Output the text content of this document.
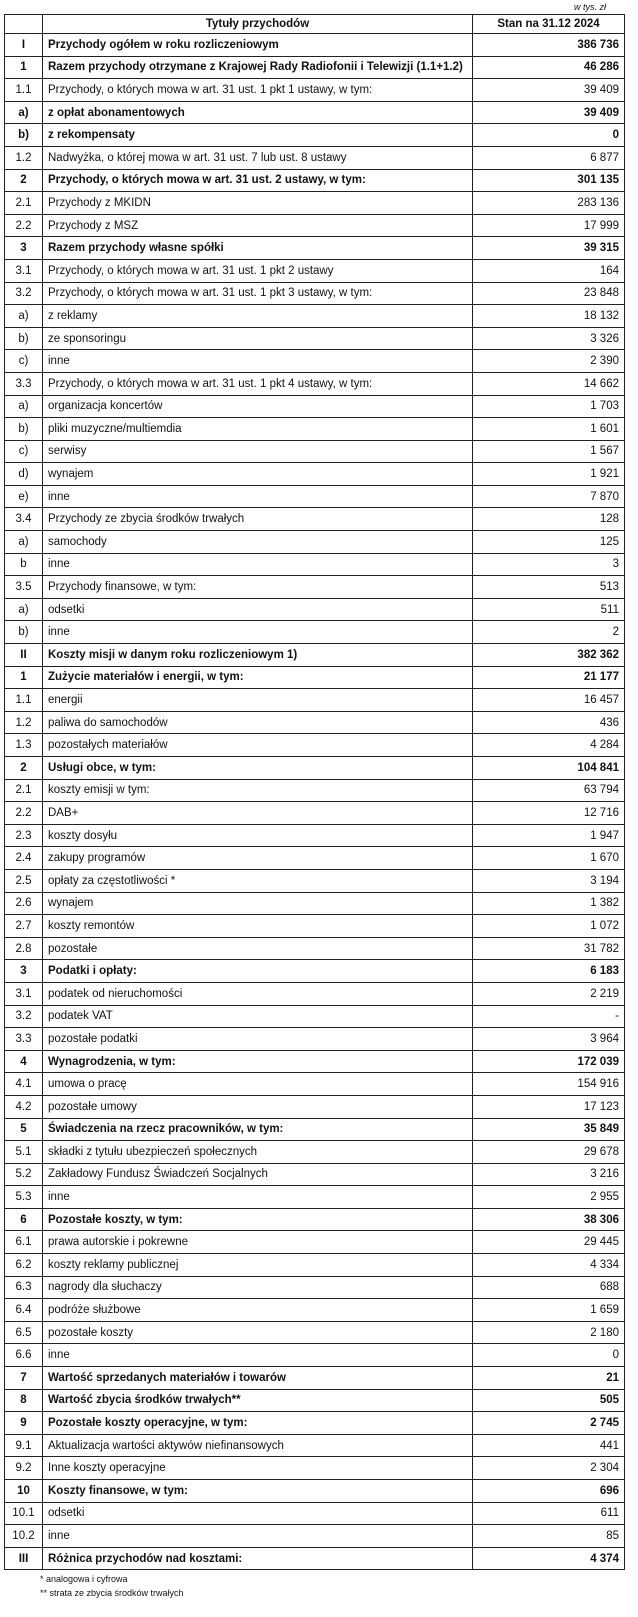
w tys. zł
	Tytuły przychodów	Stan na 31.12 2024
I	Przychody ogółem w roku rozliczeniowym	386 736
1	Razem przychody otrzymane z Krajowej Rady Radiofonii i Telewizji (1.1+1.2)	46 286
1.1	Przychody, o których mowa w art. 31 ust. 1 pkt 1 ustawy, w tym:	39 409
a)	z opłat abonamentowych	39 409
b)	z rekompensaty	0
1.2	Nadwyżka, o której mowa w art. 31 ust. 7 lub ust. 8 ustawy	6 877
2	Przychody, o których mowa w art. 31 ust. 2 ustawy, w tym:	301 135
2.1	Przychody z MKIDN	283 136
2.2	Przychody z MSZ	17 999
3	Razem przychody własne spółki	39 315
3.1	Przychody, o których mowa w art. 31 ust. 1 pkt 2 ustawy	164
3.2	Przychody, o których mowa w art. 31 ust. 1 pkt 3 ustawy, w tym:	23 848
a)	z reklamy	18 132
b)	ze sponsoringu	3 326
c)	inne	2 390
3.3	Przychody, o których mowa w art. 31 ust. 1 pkt 4 ustawy, w tym:	14 662
a)	organizacja koncertów	1 703
b)	pliki muzyczne/multiemdia	1 601
c)	serwisy	1 567
d)	wynajem	1 921
e)	inne	7 870
3.4	Przychody ze zbycia środków trwałych	128
a)	samochody	125
b	inne	3
3.5	Przychody finansowe, w tym:	513
a)	odsetki	511
b)	inne	2
II	Koszty misji w danym roku rozliczeniowym 1)	382 362
1	Zużycie materiałów i energii, w tym:	21 177
1.1	energii	16 457
1.2	paliwa do samochodów	436
1.3	pozostałych materiałów	4 284
2	Usługi obce, w tym:	104 841
2.1	koszty emisji w tym:	63 794
2.2	DAB+	12 716
2.3	koszty dosyłu	1 947
2.4	zakupy programów	1 670
2.5	opłaty za częstotliwości *	3 194
2.6	wynajem	1 382
2.7	koszty remontów	1 072
2.8	pozostałe	31 782
3	Podatki i opłaty:	6 183
3.1	podatek od nieruchomości	2 219
3.2	podatek VAT	-
3.3	pozostałe podatki	3 964
4	Wynagrodzenia, w tym:	172 039
4.1	umowa o pracę	154 916
4.2	pozostałe umowy	17 123
5	Świadczenia na rzecz pracowników, w tym:	35 849
5.1	składki z tytułu ubezpieczeń społecznych	29 678
5.2	Zakładowy Fundusz Świadczeń Socjalnych	3 216
5.3	inne	2 955
6	Pozostałe koszty, w tym:	38 306
6.1	prawa autorskie i pokrewne	29 445
6.2	koszty reklamy publicznej	4 334
6.3	nagrody dla słuchaczy	688
6.4	podróże służbowe	1 659
6.5	pozostałe koszty	2 180
6.6	inne	0
7	Wartość sprzedanych materiałów i towarów	21
8	Wartość zbycia środków trwałych**	505
9	Pozostałe koszty operacyjne, w tym:	2 745
9.1	Aktualizacja wartości aktywów niefinansowych	441
9.2	Inne koszty operacyjne	2 304
10	Koszty finansowe, w tym:	696
10.1	odsetki	611
10.2	inne	85
III	Różnica przychodów nad kosztami:	4 374
* analogowa i cyfrowa
** strata ze zbycia środków trwałych
